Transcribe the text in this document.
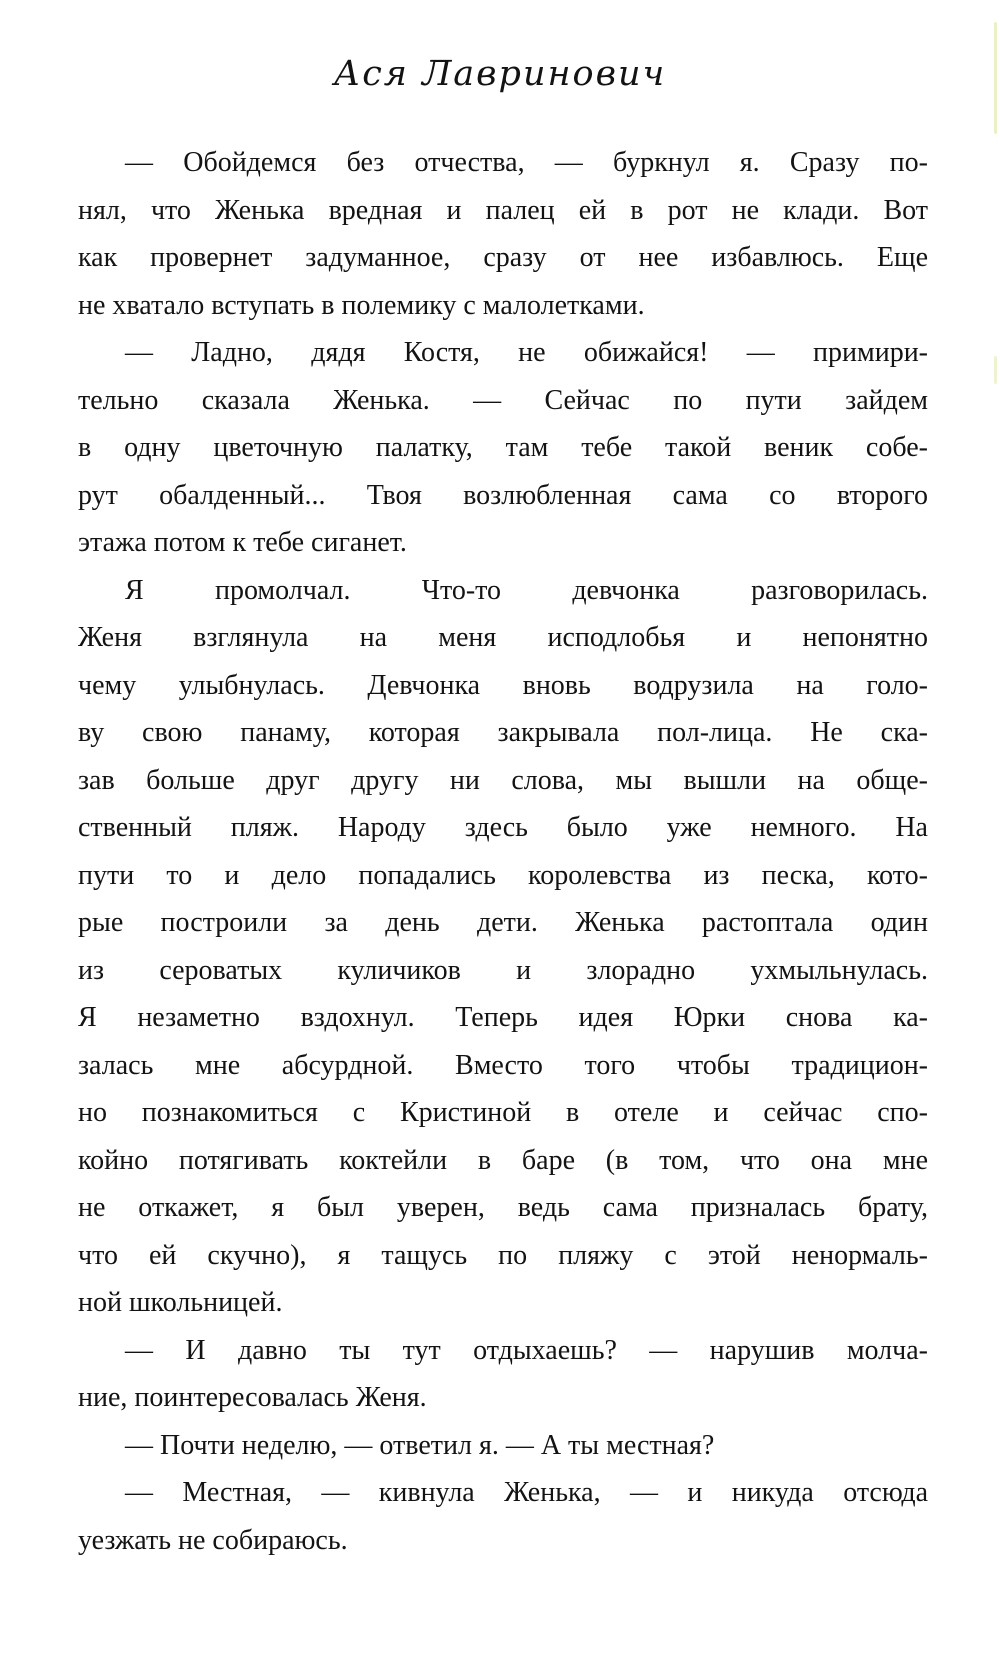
Ася Лавринович
— Обойдемся без отчества, — буркнул я. Сразу по-
нял, что Женька вредная и палец ей в рот не клади. Вот
как провернет задуманное, сразу от нее избавлюсь. Еще
не хватало вступать в полемику с малолетками.
— Ладно, дядя Костя, не обижайся! — примири-
тельно сказала Женька. — Сейчас по пути зайдем
в одну цветочную палатку, там тебе такой веник собе-
рут обалденный... Твоя возлюбленная сама со второго
этажа потом к тебе сиганет.
Я промолчал. Что-то девчонка разговорилась.
Женя взглянула на меня исподлобья и непонятно
чему улыбнулась. Девчонка вновь водрузила на голо-
ву свою панаму, которая закрывала пол-лица. Не ска-
зав больше друг другу ни слова, мы вышли на обще-
ственный пляж. Народу здесь было уже немного. На
пути то и дело попадались королевства из песка, кото-
рые построили за день дети. Женька растоптала один
из сероватых куличиков и злорадно ухмыльнулась.
Я незаметно вздохнул. Теперь идея Юрки снова ка-
залась мне абсурдной. Вместо того чтобы традицион-
но познакомиться с Кристиной в отеле и сейчас спо-
койно потягивать коктейли в баре (в том, что она мне
не откажет, я был уверен, ведь сама призналась брату,
что ей скучно), я тащусь по пляжу с этой ненормаль-
ной школьницей.
— И давно ты тут отдыхаешь? — нарушив молча-
ние, поинтересовалась Женя.
— Почти неделю, — ответил я. — А ты местная?
— Местная, — кивнула Женька, — и никуда отсюда
уезжать не собираюсь.
